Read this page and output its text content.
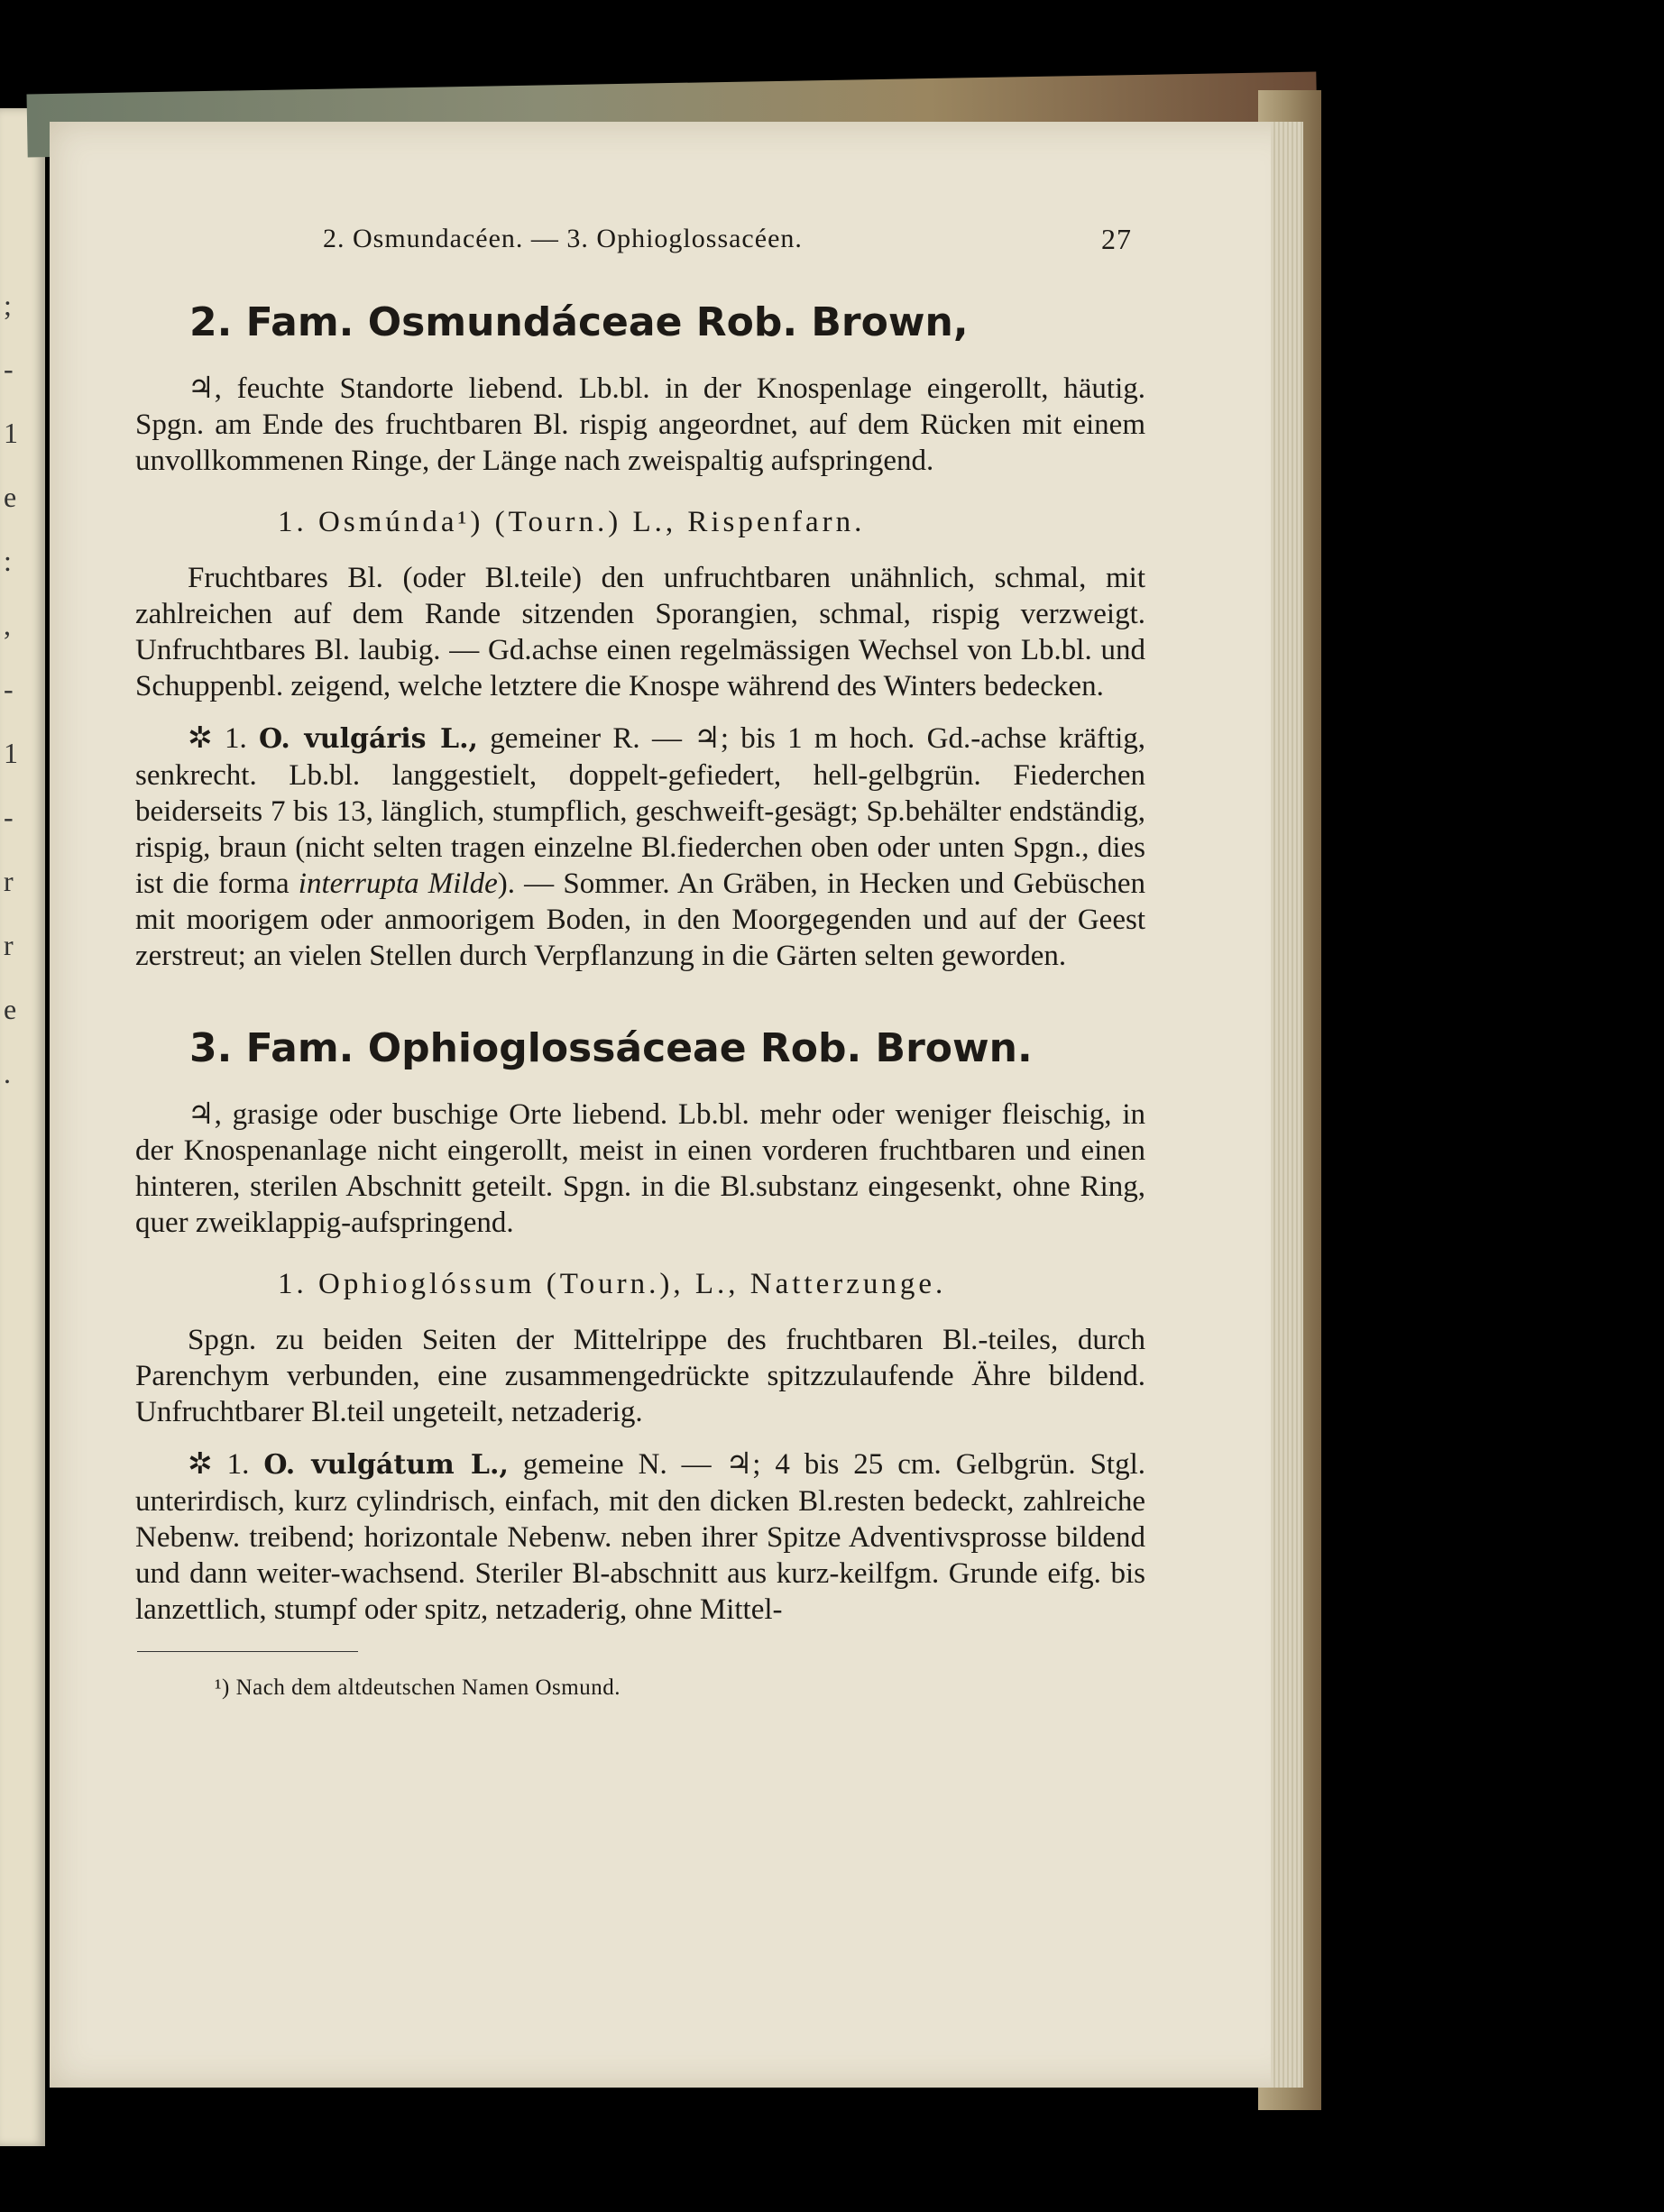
;
-
1
e
:
,
-
1
-
r
r
e
.
2. Osmundacéen. — 3. Ophioglossacéen.	27
2. Fam. Osmundáceae Rob. Brown,

♃, feuchte Standorte liebend. Lb.bl. in der Knospenlage eingerollt, häutig. Spgn. am Ende des fruchtbaren Bl. rispig angeordnet, auf dem Rücken mit einem unvollkommenen Ringe, der Länge nach zweispaltig aufspringend.

1. Osmúnda¹) (Tourn.) L., Rispenfarn.

Fruchtbares Bl. (oder Bl.teile) den unfruchtbaren unähnlich, schmal, mit zahlreichen auf dem Rande sitzenden Sporangien, schmal, rispig verzweigt. Unfruchtbares Bl. laubig. — Gd.achse einen regelmässigen Wechsel von Lb.bl. und Schuppenbl. zeigend, welche letztere die Knospe während des Winters bedecken.

✲ 1. O. vulgáris L., gemeiner R. — ♃; bis 1 m hoch. Gd.-achse kräftig, senkrecht. Lb.bl. langgestielt, doppelt-gefiedert, hell-gelbgrün. Fiederchen beiderseits 7 bis 13, länglich, stumpflich, geschweift-gesägt; Sp.behälter endständig, rispig, braun (nicht selten tragen einzelne Bl.fiederchen oben oder unten Spgn., dies ist die forma interrupta Milde). — Sommer. An Gräben, in Hecken und Gebüschen mit moorigem oder anmoorigem Boden, in den Moorgegenden und auf der Geest zerstreut; an vielen Stellen durch Verpflanzung in die Gärten selten geworden.

3. Fam. Ophioglossáceae Rob. Brown.

♃, grasige oder buschige Orte liebend. Lb.bl. mehr oder weniger fleischig, in der Knospenanlage nicht eingerollt, meist in einen vorderen fruchtbaren und einen hinteren, sterilen Abschnitt geteilt. Spgn. in die Bl.substanz eingesenkt, ohne Ring, quer zweiklappig-aufspringend.

1. Ophioglóssum (Tourn.), L., Natterzunge.

Spgn. zu beiden Seiten der Mittelrippe des fruchtbaren Bl.-teiles, durch Parenchym verbunden, eine zusammengedrückte spitzzulaufende Ähre bildend. Unfruchtbarer Bl.teil ungeteilt, netzaderig.

✲ 1. O. vulgátum L., gemeine N. — ♃; 4 bis 25 cm. Gelbgrün. Stgl. unterirdisch, kurz cylindrisch, einfach, mit den dicken Bl.resten bedeckt, zahlreiche Nebenw. treibend; horizontale Nebenw. neben ihrer Spitze Adventivsprosse bildend und dann weiter-wachsend. Steriler Bl-abschnitt aus kurz-keilfgm. Grunde eifg. bis lanzettlich, stumpf oder spitz, netzaderig, ohne Mittel-

¹) Nach dem altdeutschen Namen Osmund.
